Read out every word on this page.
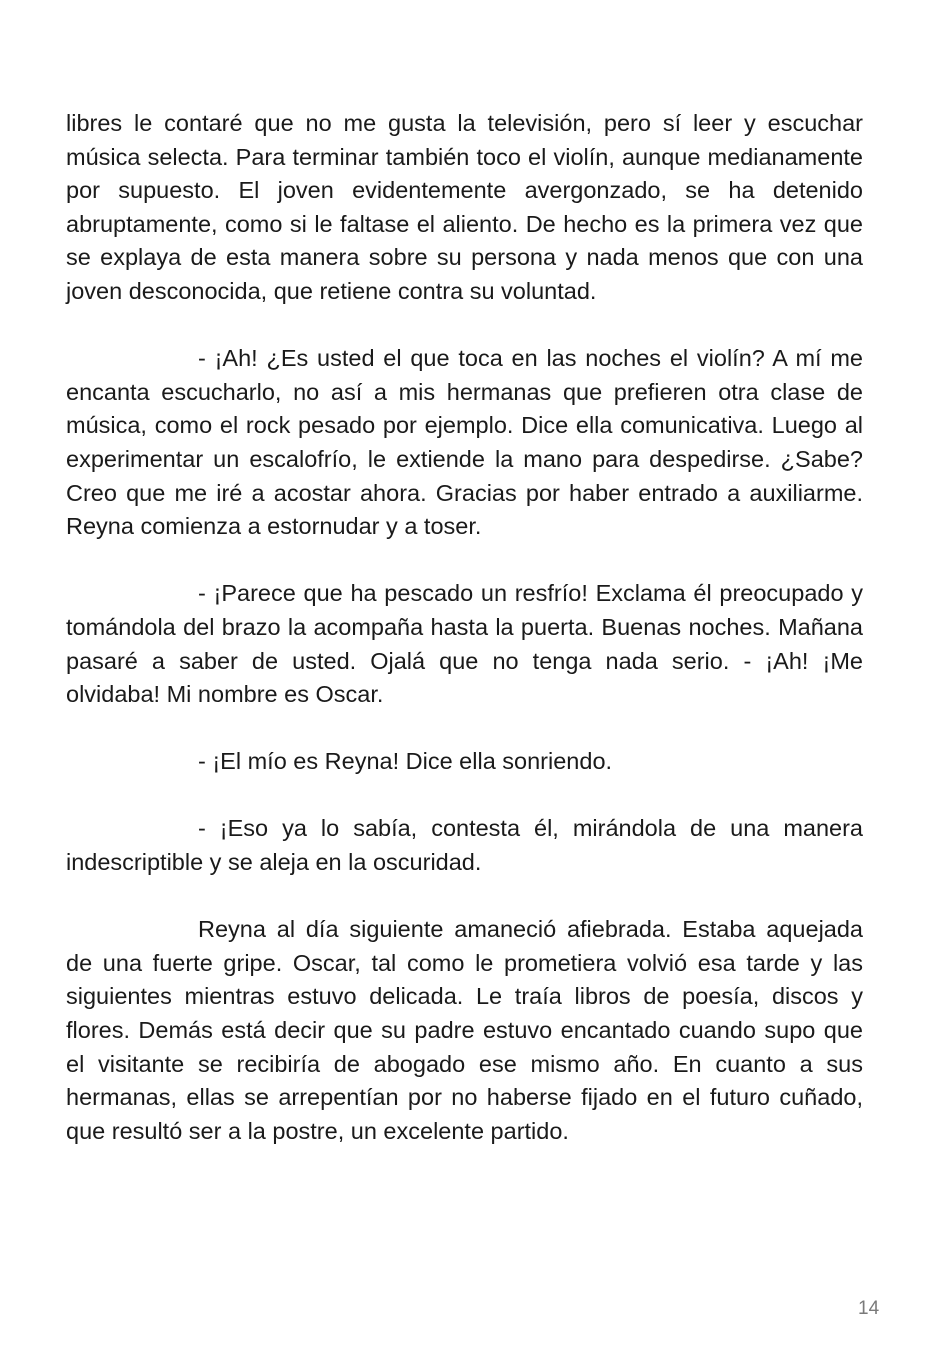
libres le contaré que no me gusta la televisión, pero sí leer y escuchar música selecta. Para terminar también toco el violín, aunque medianamente por supuesto. El joven evidentemente avergonzado, se ha detenido abruptamente, como si le faltase el aliento. De hecho es la primera vez que se explaya de esta manera sobre su persona y nada menos que con una joven desconocida, que retiene contra su voluntad.

- ¡Ah! ¿Es usted el que toca en las noches el violín? A mí me encanta escucharlo, no así a mis hermanas que prefieren otra clase de música, como el rock pesado por ejemplo. Dice ella comunicativa. Luego al experimentar un escalofrío, le extiende la mano para despedirse. ¿Sabe? Creo que me iré a acostar ahora. Gracias por haber entrado a auxiliarme. Reyna comienza a estornudar y a toser.

- ¡Parece que ha pescado un resfrío! Exclama él preocupado y tomándola del brazo la acompaña hasta la puerta. Buenas noches. Mañana pasaré a saber de usted. Ojalá que no tenga nada serio. - ¡Ah! ¡Me olvidaba! Mi nombre es Oscar.

- ¡El mío es Reyna! Dice ella sonriendo.

- ¡Eso ya lo sabía, contesta él, mirándola de una manera indescriptible y se aleja en la oscuridad.

Reyna al día siguiente amaneció afiebrada. Estaba aquejada de una fuerte gripe. Oscar, tal como le prometiera volvió esa tarde y las siguientes mientras estuvo delicada. Le traía libros de poesía, discos y flores. Demás está decir que su padre estuvo encantado cuando supo que el visitante se recibiría de abogado ese mismo año. En cuanto a sus hermanas, ellas se arrepentían por no haberse fijado en el futuro cuñado, que resultó ser a la postre, un excelente partido.

14
